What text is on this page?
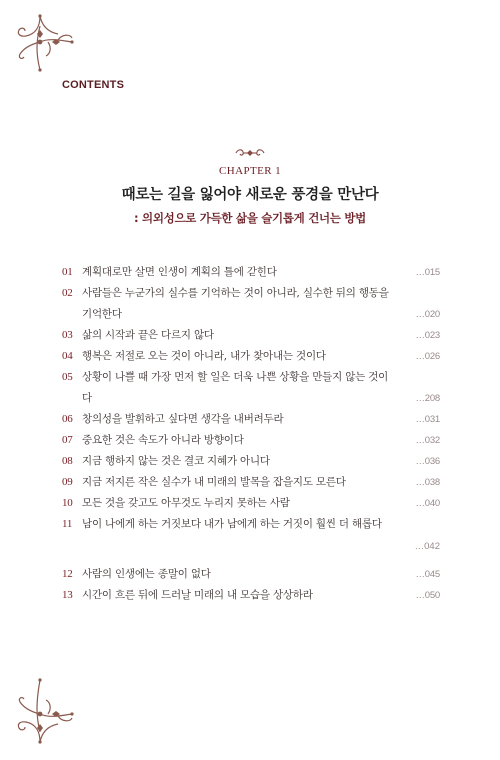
CONTENTS
CHAPTER 1
때로는 길을 잃어야 새로운 풍경을 만난다
: 의외성으로 가득한 삶을 슬기롭게 건너는 방법
01 계획대로만 살면 인생이 계획의 틀에 갇힌다	…015
02 사람들은 누군가의 실수를 기억하는 것이 아니라, 실수한 뒤의 행동을
기억한다	…020
03 삶의 시작과 끝은 다르지 않다	…023
04 행복은 저절로 오는 것이 아니라, 내가 찾아내는 것이다	…026
05 상황이 나쁠 때 가장 먼저 할 일은 더욱 나쁜 상황을 만들지 않는 것이
다	…208
06 창의성을 발휘하고 싶다면 생각을 내버려두라	…031
07 중요한 것은 속도가 아니라 방향이다	…032
08 지금 행하지 않는 것은 결코 지혜가 아니다	…036
09 지금 저지른 작은 실수가 내 미래의 발목을 잡을지도 모른다	…038
10 모든 것을 갖고도 아무것도 누리지 못하는 사람	…040
11 남이 나에게 하는 거짓보다 내가 남에게 하는 거짓이 훨씬 더 해롭다
…042
12 사람의 인생에는 종말이 없다	…045
13 시간이 흐른 뒤에 드러날 미래의 내 모습을 상상하라	…050
